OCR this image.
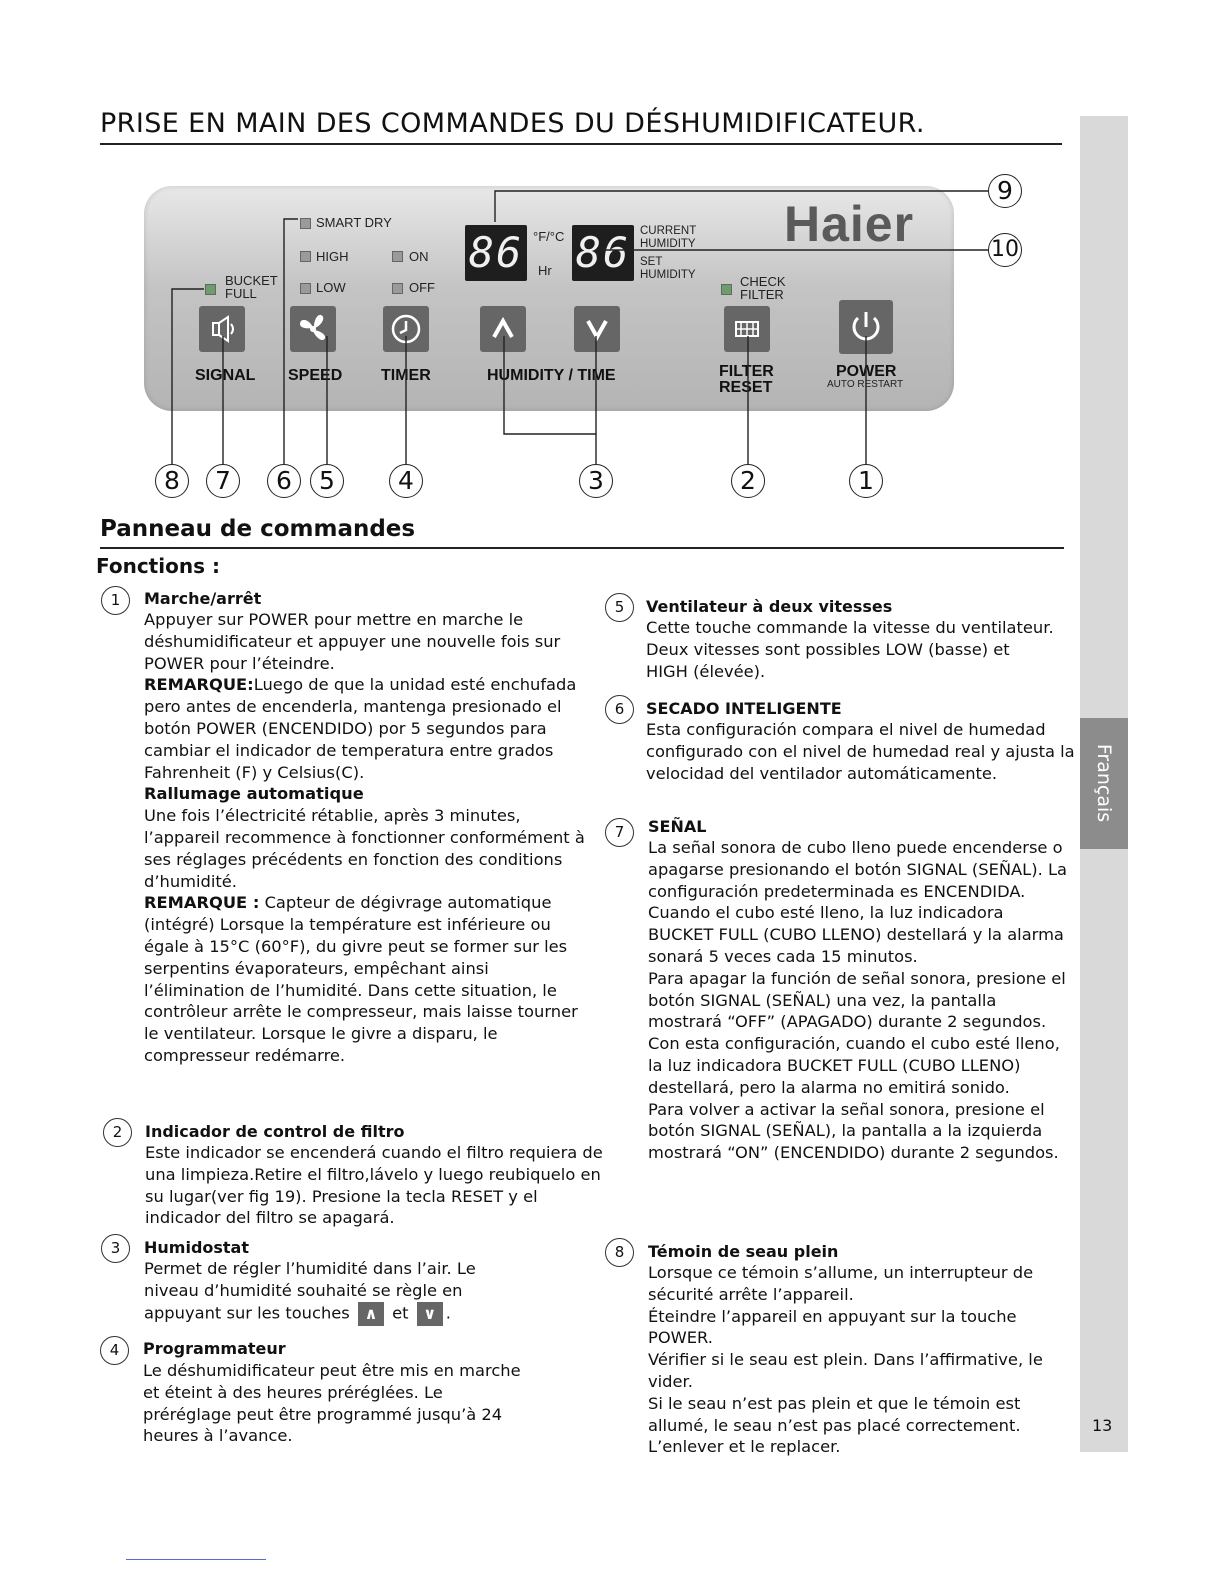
PRISE EN MAIN DES COMMANDES DU DÉSHUMIDIFICATEUR.
Français
13
SMART DRY
HIGH
LOW
ON
OFF
BUCKET
FULL
CHECK
FILTER
86 °F/°C
Hr 86 CURRENT
HUMIDITY
SET
HUMIDITY
Haier
SIGNAL SPEED TIMER	HUMIDITY / TIME	FILTER
RESET
POWER
AUTO RESTART
8	7	6	5	4	3	2	1
9
10
Panneau de commandes
Fonctions :
1	Marche/arrêt

Appuyer sur POWER pour mettre en marche le déshumidificateur et appuyer une nouvelle fois sur POWER pour l’éteindre.

REMARQUE:Luego de que la unidad esté enchufada pero antes de encenderla, mantenga presionado el botón POWER (ENCENDIDO) por 5 segundos para cambiar el indicador de temperatura entre grados Fahrenheit (F) y Celsius(C).

Rallumage automatique

Une fois l’électricité rétablie, après 3 minutes, l’appareil recommence à fonctionner conformément à ses réglages précédents en fonction des conditions d’humidité.

REMARQUE : Capteur de dégivrage automatique (intégré) Lorsque la température est inférieure ou égale à 15°C (60°F), du givre peut se former sur les serpentins évaporateurs, empêchant ainsi l’élimination de l’humidité. Dans cette situation, le contrôleur arrête le compresseur, mais laisse tourner le ventilateur. Lorsque le givre a disparu, le compresseur redémarre.

2	Indicador de control de filtro

Este indicador se encenderá cuando el filtro requiera de una limpieza.Retire el filtro,lávelo y luego reubiquelo en su lugar(ver fig 19). Presione la tecla RESET y el indicador del filtro se apagará.

3	Humidostat

Permet de régler l’humidité dans l’air. Le niveau d’humidité souhaité se règle en appuyant sur les touches ∧ et ∨ .

4	Programmateur

Le déshumidificateur peut être mis en marche et éteint à des heures préréglées. Le préréglage peut être programmé jusqu’à 24 heures à l’avance.

5	Ventilateur à deux vitesses

Cette touche commande la vitesse du ventilateur. Deux vitesses sont possibles LOW (basse) et HIGH (élevée).

6	SECADO INTELIGENTE

Esta configuración compara el nivel de humedad configurado con el nivel de humedad real y ajusta la velocidad del ventilador automáticamente.

7	SEÑAL

La señal sonora de cubo lleno puede encenderse o apagarse presionando el botón SIGNAL (SEÑAL). La configuración predeterminada es ENCENDIDA. Cuando el cubo esté lleno, la luz indicadora BUCKET FULL (CUBO LLENO) destellará y la alarma sonará 5 veces cada 15 minutos.

Para apagar la función de señal sonora, presione el botón SIGNAL (SEÑAL) una vez, la pantalla mostrará “OFF” (APAGADO) durante 2 segundos. Con esta configuración, cuando el cubo esté lleno, la luz indicadora BUCKET FULL (CUBO LLENO) destellará, pero la alarma no emitirá sonido.

Para volver a activar la señal sonora, presione el botón SIGNAL (SEÑAL), la pantalla a la izquierda mostrará “ON” (ENCENDIDO) durante 2 segundos.

8	Témoin de seau plein

Lorsque ce témoin s’allume, un interrupteur de sécurité arrête l’appareil.

Éteindre l’appareil en appuyant sur la touche POWER.

Vérifier si le seau est plein. Dans l’affirmative, le vider.

Si le seau n’est pas plein et que le témoin est allumé, le seau n’est pas placé correctement. L’enlever et le replacer.
